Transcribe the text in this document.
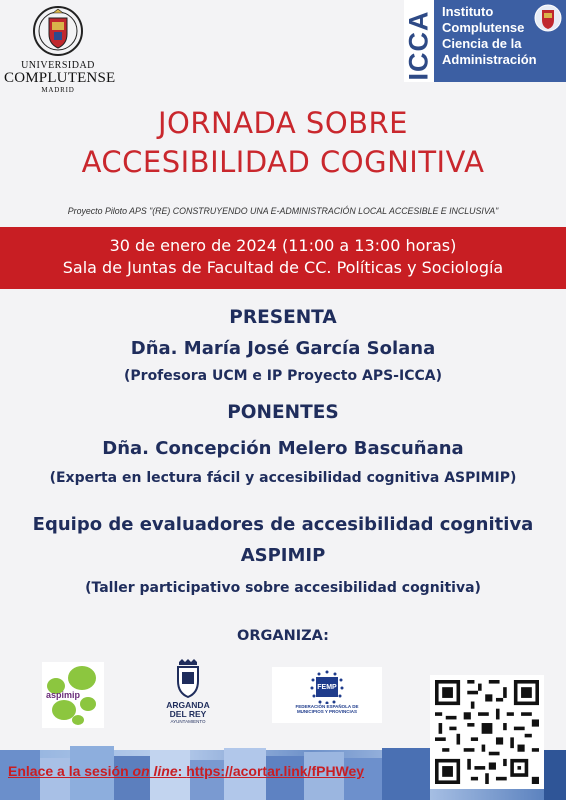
UNIVERSIDAD
COMPLUTENSE
MADRID
ICCA Instituto
Complutense
Ciencia de la
Administración
JORNADA SOBRE
ACCESIBILIDAD COGNITIVA
Proyecto Piloto APS "(RE) CONSTRUYENDO UNA E-ADMINISTRACIÓN LOCAL ACCESIBLE E INCLUSIVA"
30 de enero de 2024 (11:00 a 13:00 horas)
Sala de Juntas de Facultad de CC. Políticas y Sociología
PRESENTA
Dña. María José García Solana
(Profesora UCM e IP Proyecto APS-ICCA)
PONENTES
Dña. Concepción Melero Bascuñana
(Experta en lectura fácil y accesibilidad cognitiva ASPIMIP)
Equipo de evaluadores de accesibilidad cognitiva
ASPIMIP
(Taller participativo sobre accesibilidad cognitiva)
ORGANIZA:
aspimip
ARGANDA
DEL REY
AYUNTAMIENTO
FEMP
FEDERACIÓN ESPAÑOLA DE
MUNICIPIOS Y PROVINCIAS
Enlace a la sesión on line: https://acortar.link/fPHWey
